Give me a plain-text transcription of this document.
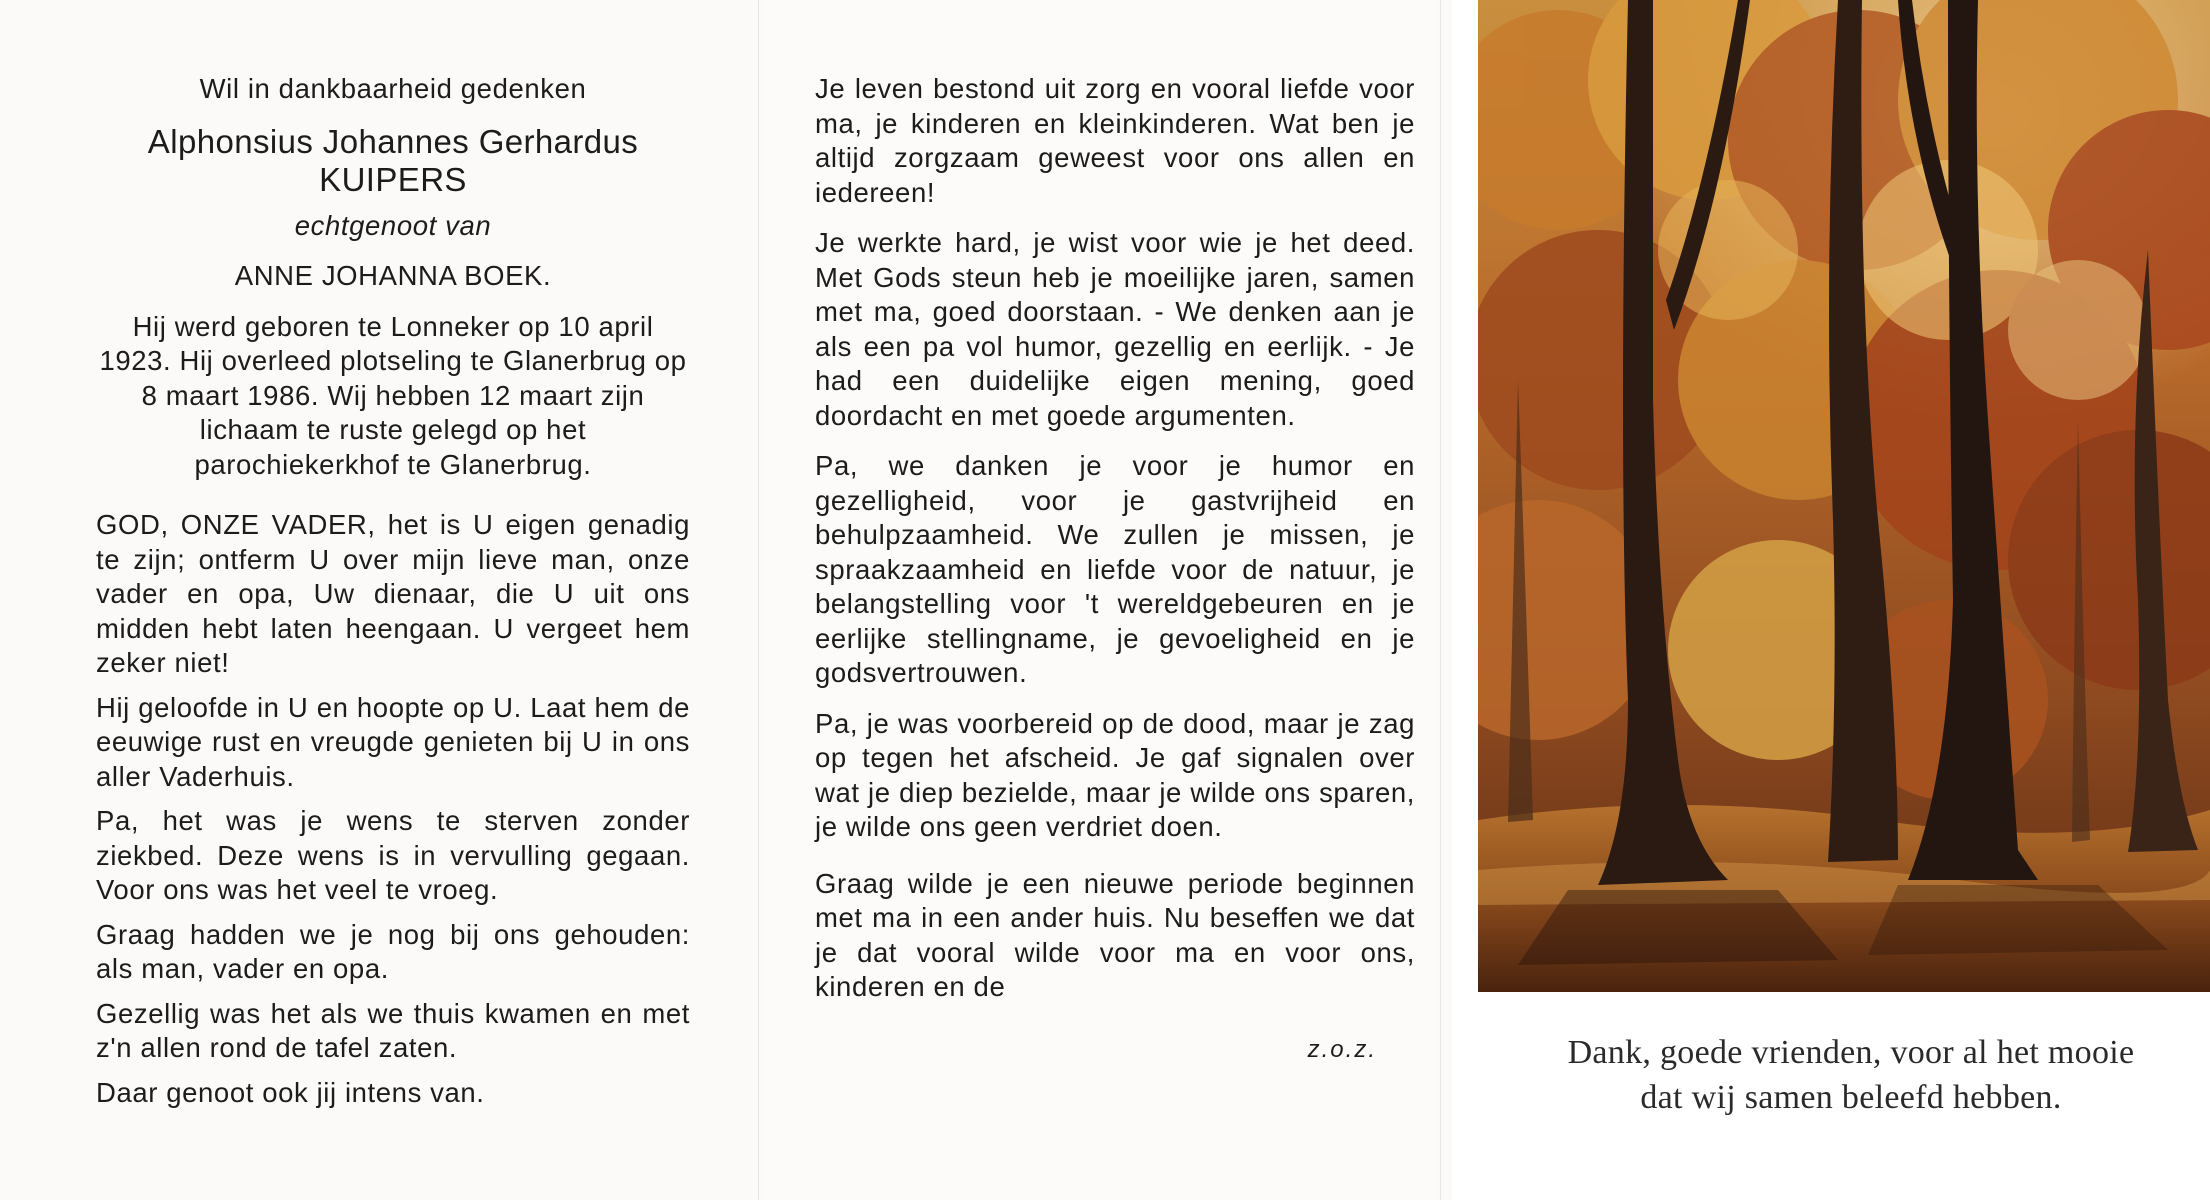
Wil in dankbaarheid gedenken

Alphonsius Johannes Gerhardus

KUIPERS

echtgenoot van

ANNE JOHANNA BOEK.

Hij werd geboren te Lonneker op 10 april 1923. Hij overleed plotseling te Glanerbrug op 8 maart 1986. Wij hebben 12 maart zijn lichaam te ruste gelegd op het parochiekerkhof te Glanerbrug.

GOD, ONZE VADER, het is U eigen genadig te zijn; ontferm U over mijn lieve man, onze vader en opa, Uw dienaar, die U uit ons midden hebt laten heengaan. U vergeet hem zeker niet!

Hij geloofde in U en hoopte op U. Laat hem de eeuwige rust en vreugde genieten bij U in ons aller Vaderhuis.

Pa, het was je wens te sterven zonder ziekbed. Deze wens is in vervulling gegaan. Voor ons was het veel te vroeg.

Graag hadden we je nog bij ons gehouden: als man, vader en opa.

Gezellig was het als we thuis kwamen en met z'n allen rond de tafel zaten.

Daar genoot ook jij intens van.

Je leven bestond uit zorg en vooral liefde voor ma, je kinderen en kleinkinderen. Wat ben je altijd zorgzaam geweest voor ons allen en iedereen!

Je werkte hard, je wist voor wie je het deed. Met Gods steun heb je moeilijke jaren, samen met ma, goed doorstaan. - We denken aan je als een pa vol humor, gezellig en eerlijk. - Je had een duidelijke eigen mening, goed doordacht en met goede argumenten.

Pa, we danken je voor je humor en gezelligheid, voor je gastvrijheid en behulpzaamheid. We zullen je missen, je spraakzaamheid en liefde voor de natuur, je belangstelling voor 't wereldgebeuren en je eerlijke stellingname, je gevoeligheid en je godsvertrouwen.

Pa, je was voorbereid op de dood, maar je zag op tegen het afscheid. Je gaf signalen over wat je diep bezielde, maar je wilde ons sparen, je wilde ons geen verdriet doen.

Graag wilde je een nieuwe periode beginnen met ma in een ander huis. Nu beseffen we dat je dat vooral wilde voor ma en voor ons, kinderen en de

z.o.z.	Dank, goede vrienden, voor al het mooie
dat wij samen beleefd hebben.
